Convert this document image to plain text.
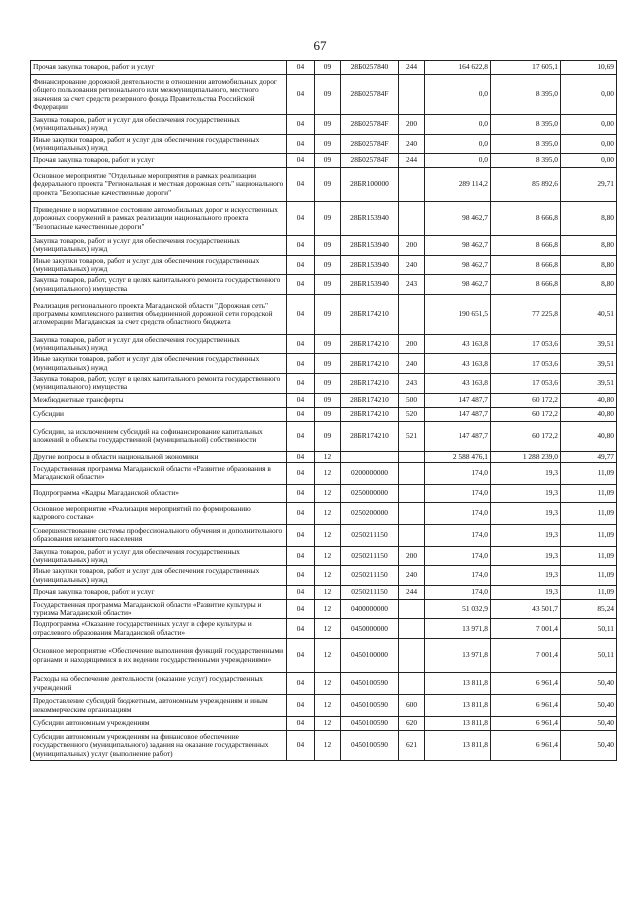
67
Прочая закупка товаров, работ и услуг	04	09	28Б0257840	244	164 622,8	17 605,1	10,69
Финансирование дорожной деятельности в отношении автомобильных дорог общего пользования регионального или межмуниципального, местного значения за счет средств резервного фонда Правительства Российской Федерации	04	09	28Б025784F		0,0	8 395,0	0,00
Закупка товаров, работ и услуг для обеспечения государственных (муниципальных) нужд	04	09	28Б025784F	200	0,0	8 395,0	0,00
Иные закупки товаров, работ и услуг для обеспечения государственных (муниципальных) нужд	04	09	28Б025784F	240	0,0	8 395,0	0,00
Прочая закупка товаров, работ и услуг	04	09	28Б025784F	244	0,0	8 395,0	0,00
Основное мероприятие "Отдельные мероприятия в рамках реализации федерального проекта "Региональная и местная дорожная сеть" национального проекта "Безопасные качественные дороги"	04	09	28БR100000		289 114,2	85 892,6	29,71
Приведение в нормативное состояние автомобильных дорог и искусственных дорожных сооружений в рамках реализации национального проекта "Безопасные качественные дороги"	04	09	28БR153940		98 462,7	8 666,8	8,80
Закупка товаров, работ и услуг для обеспечения государственных (муниципальных) нужд	04	09	28БR153940	200	98 462,7	8 666,8	8,80
Иные закупки товаров, работ и услуг для обеспечения государственных (муниципальных) нужд	04	09	28БR153940	240	98 462,7	8 666,8	8,80
Закупка товаров, работ, услуг в целях капитального ремонта государственного (муниципального) имущества	04	09	28БR153940	243	98 462,7	8 666,8	8,80
Реализация регионального проекта Магаданской области "Дорожная сеть" программы комплексного развития объединенной дорожной сети городской агломерации Магаданская за счет средств областного бюджета	04	09	28БR174210		190 651,5	77 225,8	40,51
Закупка товаров, работ и услуг для обеспечения государственных (муниципальных) нужд	04	09	28БR174210	200	43 163,8	17 053,6	39,51
Иные закупки товаров, работ и услуг для обеспечения государственных (муниципальных) нужд	04	09	28БR174210	240	43 163,8	17 053,6	39,51
Закупка товаров, работ, услуг в целях капитального ремонта государственного (муниципального) имущества	04	09	28БR174210	243	43 163,8	17 053,6	39,51
Межбюджетные трансферты	04	09	28БR174210	500	147 487,7	60 172,2	40,80
Субсидии	04	09	28БR174210	520	147 487,7	60 172,2	40,80
Субсидии, за исключением субсидий на софинансирование капитальных вложений в объекты государственной (муниципальной) собственности	04	09	28БR174210	521	147 487,7	60 172,2	40,80
Другие вопросы в области национальной экономики	04	12			2 588 476,1	1 288 239,0	49,77
Государственная программа Магаданской области «Развитие образования в Магаданской области»	04	12	0200000000		174,0	19,3	11,09
Подпрограмма «Кадры Магаданской области»	04	12	0250000000		174,0	19,3	11,09
Основное мероприятие «Реализация мероприятий по формированию кадрового состава»	04	12	0250200000		174,0	19,3	11,09
Совершенствование системы профессионального обучения и дополнительного образования незанятого населения	04	12	0250211150		174,0	19,3	11,09
Закупка товаров, работ и услуг для обеспечения государственных (муниципальных) нужд	04	12	0250211150	200	174,0	19,3	11,09
Иные закупки товаров, работ и услуг для обеспечения государственных (муниципальных) нужд	04	12	0250211150	240	174,0	19,3	11,09
Прочая закупка товаров, работ и услуг	04	12	0250211150	244	174,0	19,3	11,09
Государственная программа Магаданской области «Развитие культуры и туризма Магаданской области»	04	12	0400000000		51 032,9	43 501,7	85,24
Подпрограмма «Оказание государственных услуг в сфере культуры и отраслевого образования Магаданской области»	04	12	0450000000		13 971,8	7 001,4	50,11
Основное мероприятие «Обеспечение выполнения функций государственными органами и находящимися в их ведении государственными учреждениями»	04	12	0450100000		13 971,8	7 001,4	50,11
Расходы на обеспечение деятельности (оказание услуг) государственных учреждений	04	12	0450100590		13 811,8	6 961,4	50,40
Предоставление субсидий бюджетным, автономным учреждениям и иным некоммерческим организациям	04	12	0450100590	600	13 811,8	6 961,4	50,40
Субсидии автономным учреждениям	04	12	0450100590	620	13 811,8	6 961,4	50,40
Субсидии автономным учреждениям на финансовое обеспечение государственного (муниципального) задания на оказание государственных (муниципальных) услуг (выполнение работ)	04	12	0450100590	621	13 811,8	6 961,4	50,40
